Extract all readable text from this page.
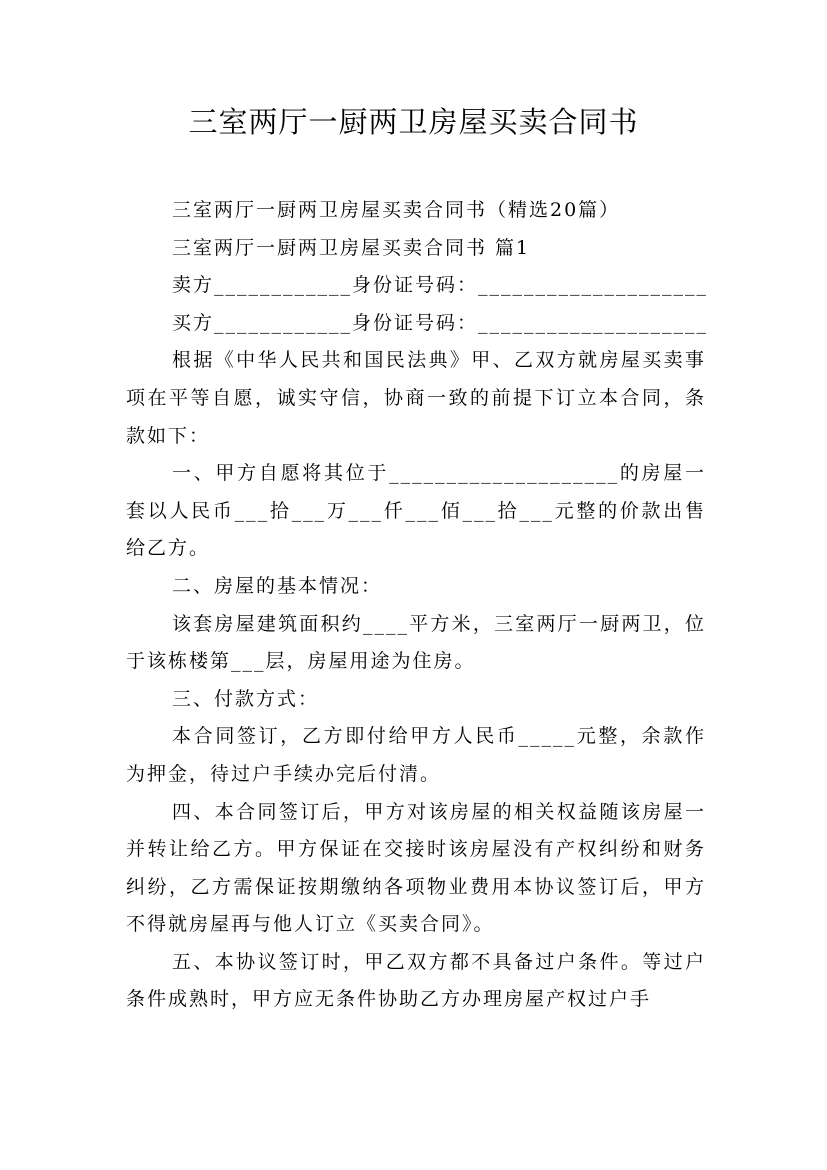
三室两厅一厨两卫房屋买卖合同书

三室两厅一厨两卫房屋买卖合同书（精选20篇）

三室两厅一厨两卫房屋买卖合同书 篇1

卖方____________身份证号码：____________________

买方____________身份证号码：____________________

根据《中华人民共和国民法典》甲、乙双方就房屋买卖事项在平等自愿，诚实守信，协商一致的前提下订立本合同，条款如下：

一、甲方自愿将其位于____________________的房屋一套以人民币___拾___万___仟___佰___拾___元整的价款出售给乙方。

二、房屋的基本情况：

该套房屋建筑面积约____平方米，三室两厅一厨两卫，位于该栋楼第___层，房屋用途为住房。

三、付款方式：

本合同签订，乙方即付给甲方人民币_____元整，余款作为押金，待过户手续办完后付清。

四、本合同签订后，甲方对该房屋的相关权益随该房屋一并转让给乙方。甲方保证在交接时该房屋没有产权纠纷和财务纠纷，乙方需保证按期缴纳各项物业费用本协议签订后，甲方不得就房屋再与他人订立《买卖合同》。

五、本协议签订时，甲乙双方都不具备过户条件。等过户条件成熟时，甲方应无条件协助乙方办理房屋产权过户手
